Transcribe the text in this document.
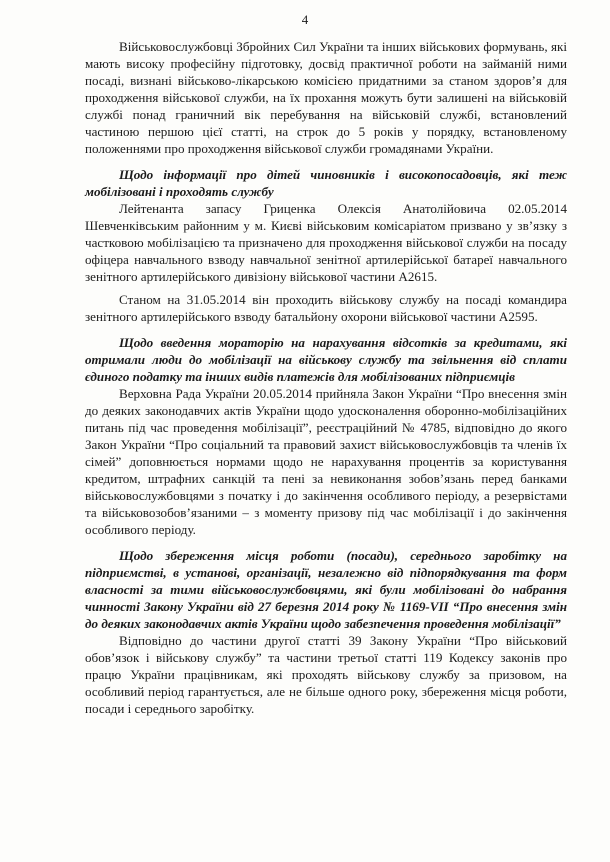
4

Військовослужбовці Збройних Сил України та інших військових формувань, які мають високу професійну підготовку, досвід практичної роботи на займаній ними посаді, визнані військово-лікарською комісією придатними за станом здоров’я для проходження військової служби, на їх прохання можуть бути залишені на військовій службі понад граничний вік перебування на військовій службі, встановлений частиною першою цієї статті, на строк до 5 років у порядку, встановленому положеннями про проходження військової служби громадянами України.

Щодо інформації про дітей чиновників і високопосадовців, які теж мобілізовані і проходять службу

Лейтенанта запасу Гриценка Олексія Анатолійовича 02.05.2014 Шевченківським районним у м. Києві військовим комісаріатом призвано у зв’язку з частковою мобілізацією та призначено для проходження військової служби на посаду офіцера навчального взводу навчальної зенітної артилерійської батареї навчального зенітного артилерійського дивізіону військової частини А2615.

Станом на 31.05.2014 він проходить військову службу на посаді командира зенітного артилерійського взводу батальйону охорони військової частини А2595.

Щодо введення мораторію на нарахування відсотків за кредитами, які отримали люди до мобілізації на військову службу та звільнення від сплати єдиного податку та інших видів платежів для мобілізованих підприємців

Верховна Рада України 20.05.2014 прийняла Закон України “Про внесення змін до деяких законодавчих актів України щодо удосконалення оборонно-мобілізаційних питань під час проведення мобілізації”, реєстраційний № 4785, відповідно до якого Закон України “Про соціальний та правовий захист військовослужбовців та членів їх сімей” доповнюється нормами щодо не нарахування процентів за користування кредитом, штрафних санкцій та пені за невиконання зобов’язань перед банками військовослужбовцями з початку і до закінчення особливого періоду, а резервістами та військовозобов’язаними – з моменту призову під час мобілізації і до закінчення особливого періоду.

Щодо збереження місця роботи (посади), середнього заробітку на підприємстві, в установі, організації, незалежно від підпорядкування та форм власності за тими військовослужбовцями, які були мобілізовані до набрання чинності Закону України від 27 березня 2014 року № 1169-VII “Про внесення змін до деяких законодавчих актів України щодо забезпечення проведення мобілізації”

Відповідно до частини другої статті 39 Закону України “Про військовий обов’язок і військову службу” та частини третьої статті 119 Кодексу законів про працю України працівникам, які проходять військову службу за призовом, на особливий період гарантується, але не більше одного року, збереження місця роботи, посади і середнього заробітку.
